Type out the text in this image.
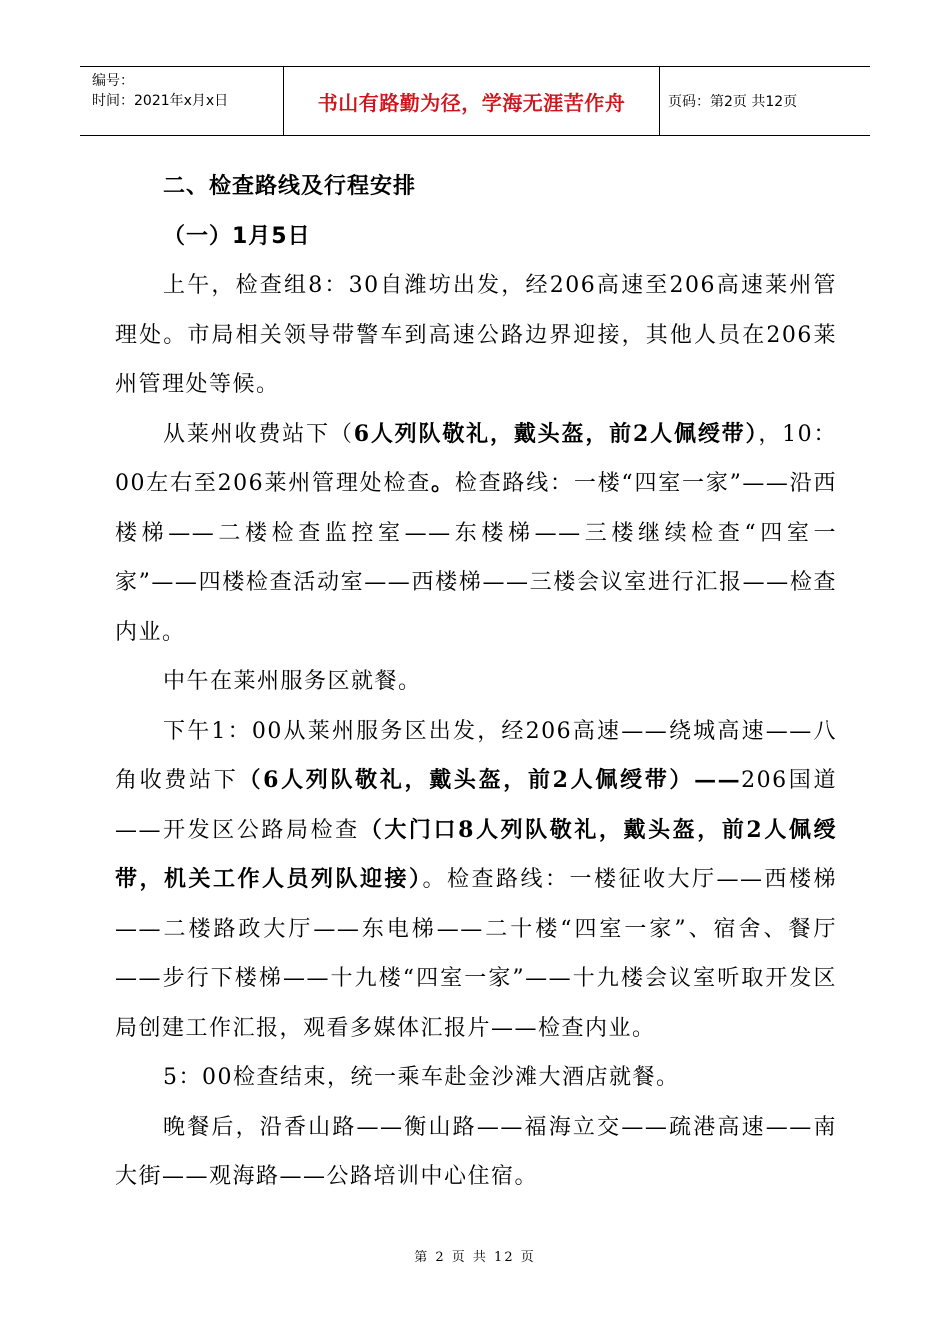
编号：
时间：2021年x月x日	书山有路勤为径，学海无涯苦作舟	页码：第2页 共12页

二、检查路线及行程安排

（一）1月5日

上午，检查组8：30自潍坊出发，经206高速至206高速莱州管理处。市局相关领导带警车到高速公路边界迎接，其他人员在206莱州管理处等候。

从莱州收费站下（6人列队敬礼，戴头盔，前2人佩绶带），10：00左右至206莱州管理处检查。检查路线：一楼“四室一家”——沿西楼梯——二楼检查监控室——东楼梯——三楼继续检查“四室一家”——四楼检查活动室——西楼梯——三楼会议室进行汇报——检查内业。

中午在莱州服务区就餐。

下午1：00从莱州服务区出发，经206高速——绕城高速——八角收费站下（6人列队敬礼，戴头盔，前2人佩绶带）——206国道——开发区公路局检查（大门口8人列队敬礼，戴头盔，前2人佩绶带，机关工作人员列队迎接）。检查路线：一楼征收大厅——西楼梯——二楼路政大厅——东电梯——二十楼“四室一家”、宿舍、餐厅——步行下楼梯——十九楼“四室一家”——十九楼会议室听取开发区局创建工作汇报，观看多媒体汇报片——检查内业。

5：00检查结束，统一乘车赴金沙滩大酒店就餐。

晚餐后，沿香山路——衡山路——福海立交——疏港高速——南大街——观海路——公路培训中心住宿。

第 2 页 共 12 页
